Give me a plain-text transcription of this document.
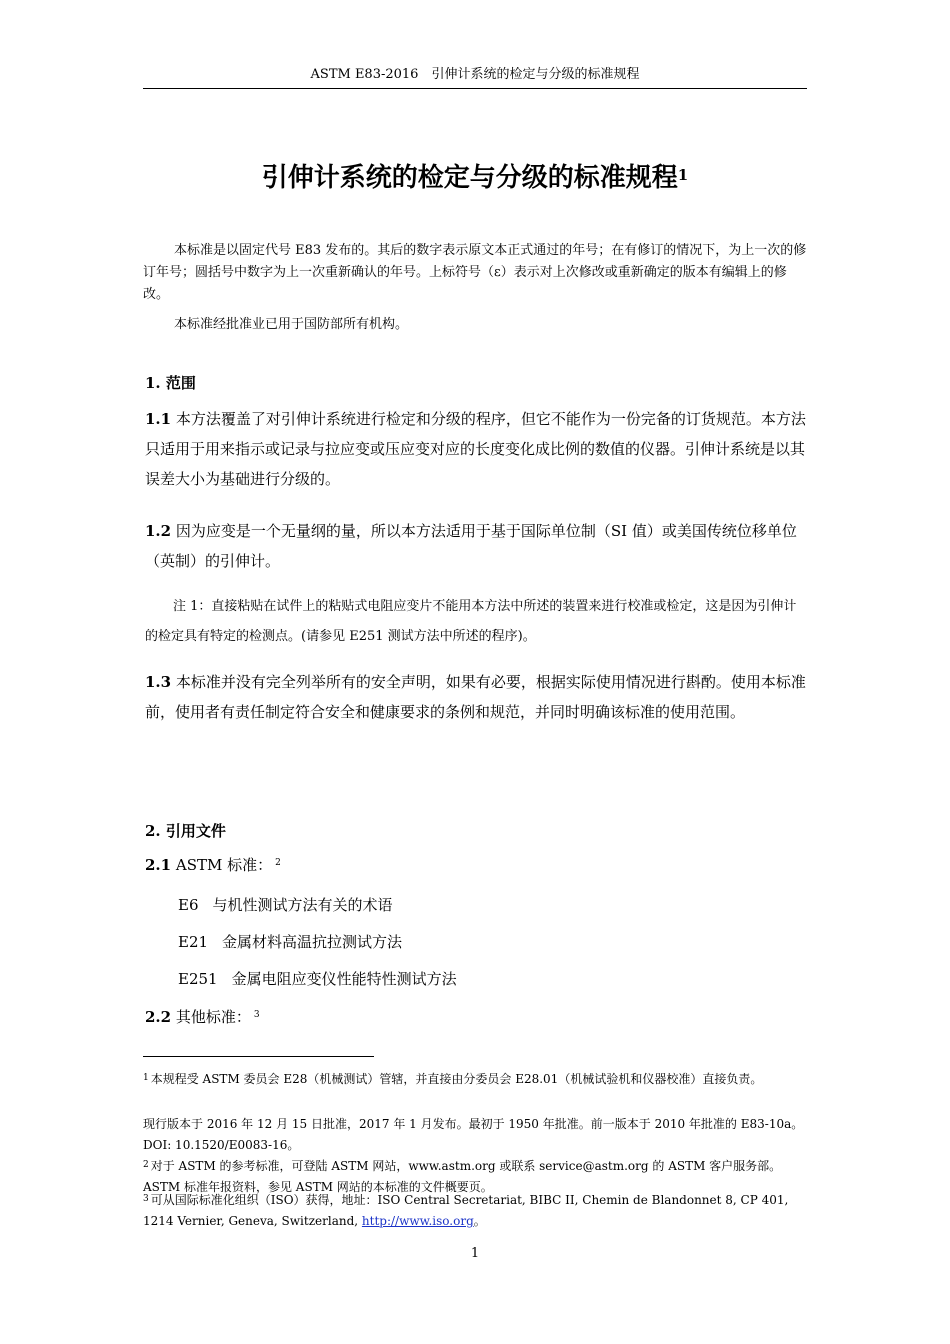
ASTM E83-2016　引伸计系统的检定与分级的标准规程
引伸计系统的检定与分级的标准规程$^1$

本标准是以固定代号 E83 发布的。其后的数字表示原文本正式通过的年号；在有修订的情况下，为上一次的修订年号；圆括号中数字为上一次重新确认的年号。上标符号（ε）表示对上次修改或重新确定的版本有编辑上的修改。

本标准经批准业已用于国防部所有机构。

1. 范围

1.1 本方法覆盖了对引伸计系统进行检定和分级的程序，但它不能作为一份完备的订货规范。本方法只适用于用来指示或记录与拉应变或压应变对应的长度变化成比例的数值的仪器。引伸计系统是以其误差大小为基础进行分级的。

1.2 因为应变是一个无量纲的量，所以本方法适用于基于国际单位制（SI 值）或美国传统位移单位（英制）的引伸计。

注 1：直接粘贴在试件上的粘贴式电阻应变片不能用本方法中所述的装置来进行校准或检定，这是因为引伸计的检定具有特定的检测点。(请参见 E251 测试方法中所述的程序)。

1.3 本标准并没有完全列举所有的安全声明，如果有必要，根据实际使用情况进行斟酌。使用本标准前，使用者有责任制定符合安全和健康要求的条例和规范，并同时明确该标准的使用范围。

2. 引用文件
2.1 ASTM 标准： $^2$
E6 与机性测试方法有关的术语
E21 金属材料高温抗拉测试方法
E251 金属电阻应变仪性能特性测试方法
2.2 其他标准： $^3$

$^1$ 本规程受 ASTM 委员会 E28（机械测试）管辖，并直接由分委员会 E28.01（机械试验机和仪器校准）直接负责。

现行版本于 2016 年 12 月 15 日批准，2017 年 1 月发布。最初于 1950 年批准。前一版本于 2010 年批准的 E83-10a。DOI: 10.1520/E0083-16。

$^2$ 对于 ASTM 的参考标准，可登陆 ASTM 网站，www.astm.org 或联系 service@astm.org 的 ASTM 客户服务部。ASTM 标准年报资料，参见 ASTM 网站的本标准的文件概要页。

$^3$ 可从国际标准化组织（ISO）获得，地址：ISO Central Secretariat, BIBC II, Chemin de Blandonnet 8, CP 401, 1214 Vernier, Geneva, Switzerland, http://www.iso.org。

1
